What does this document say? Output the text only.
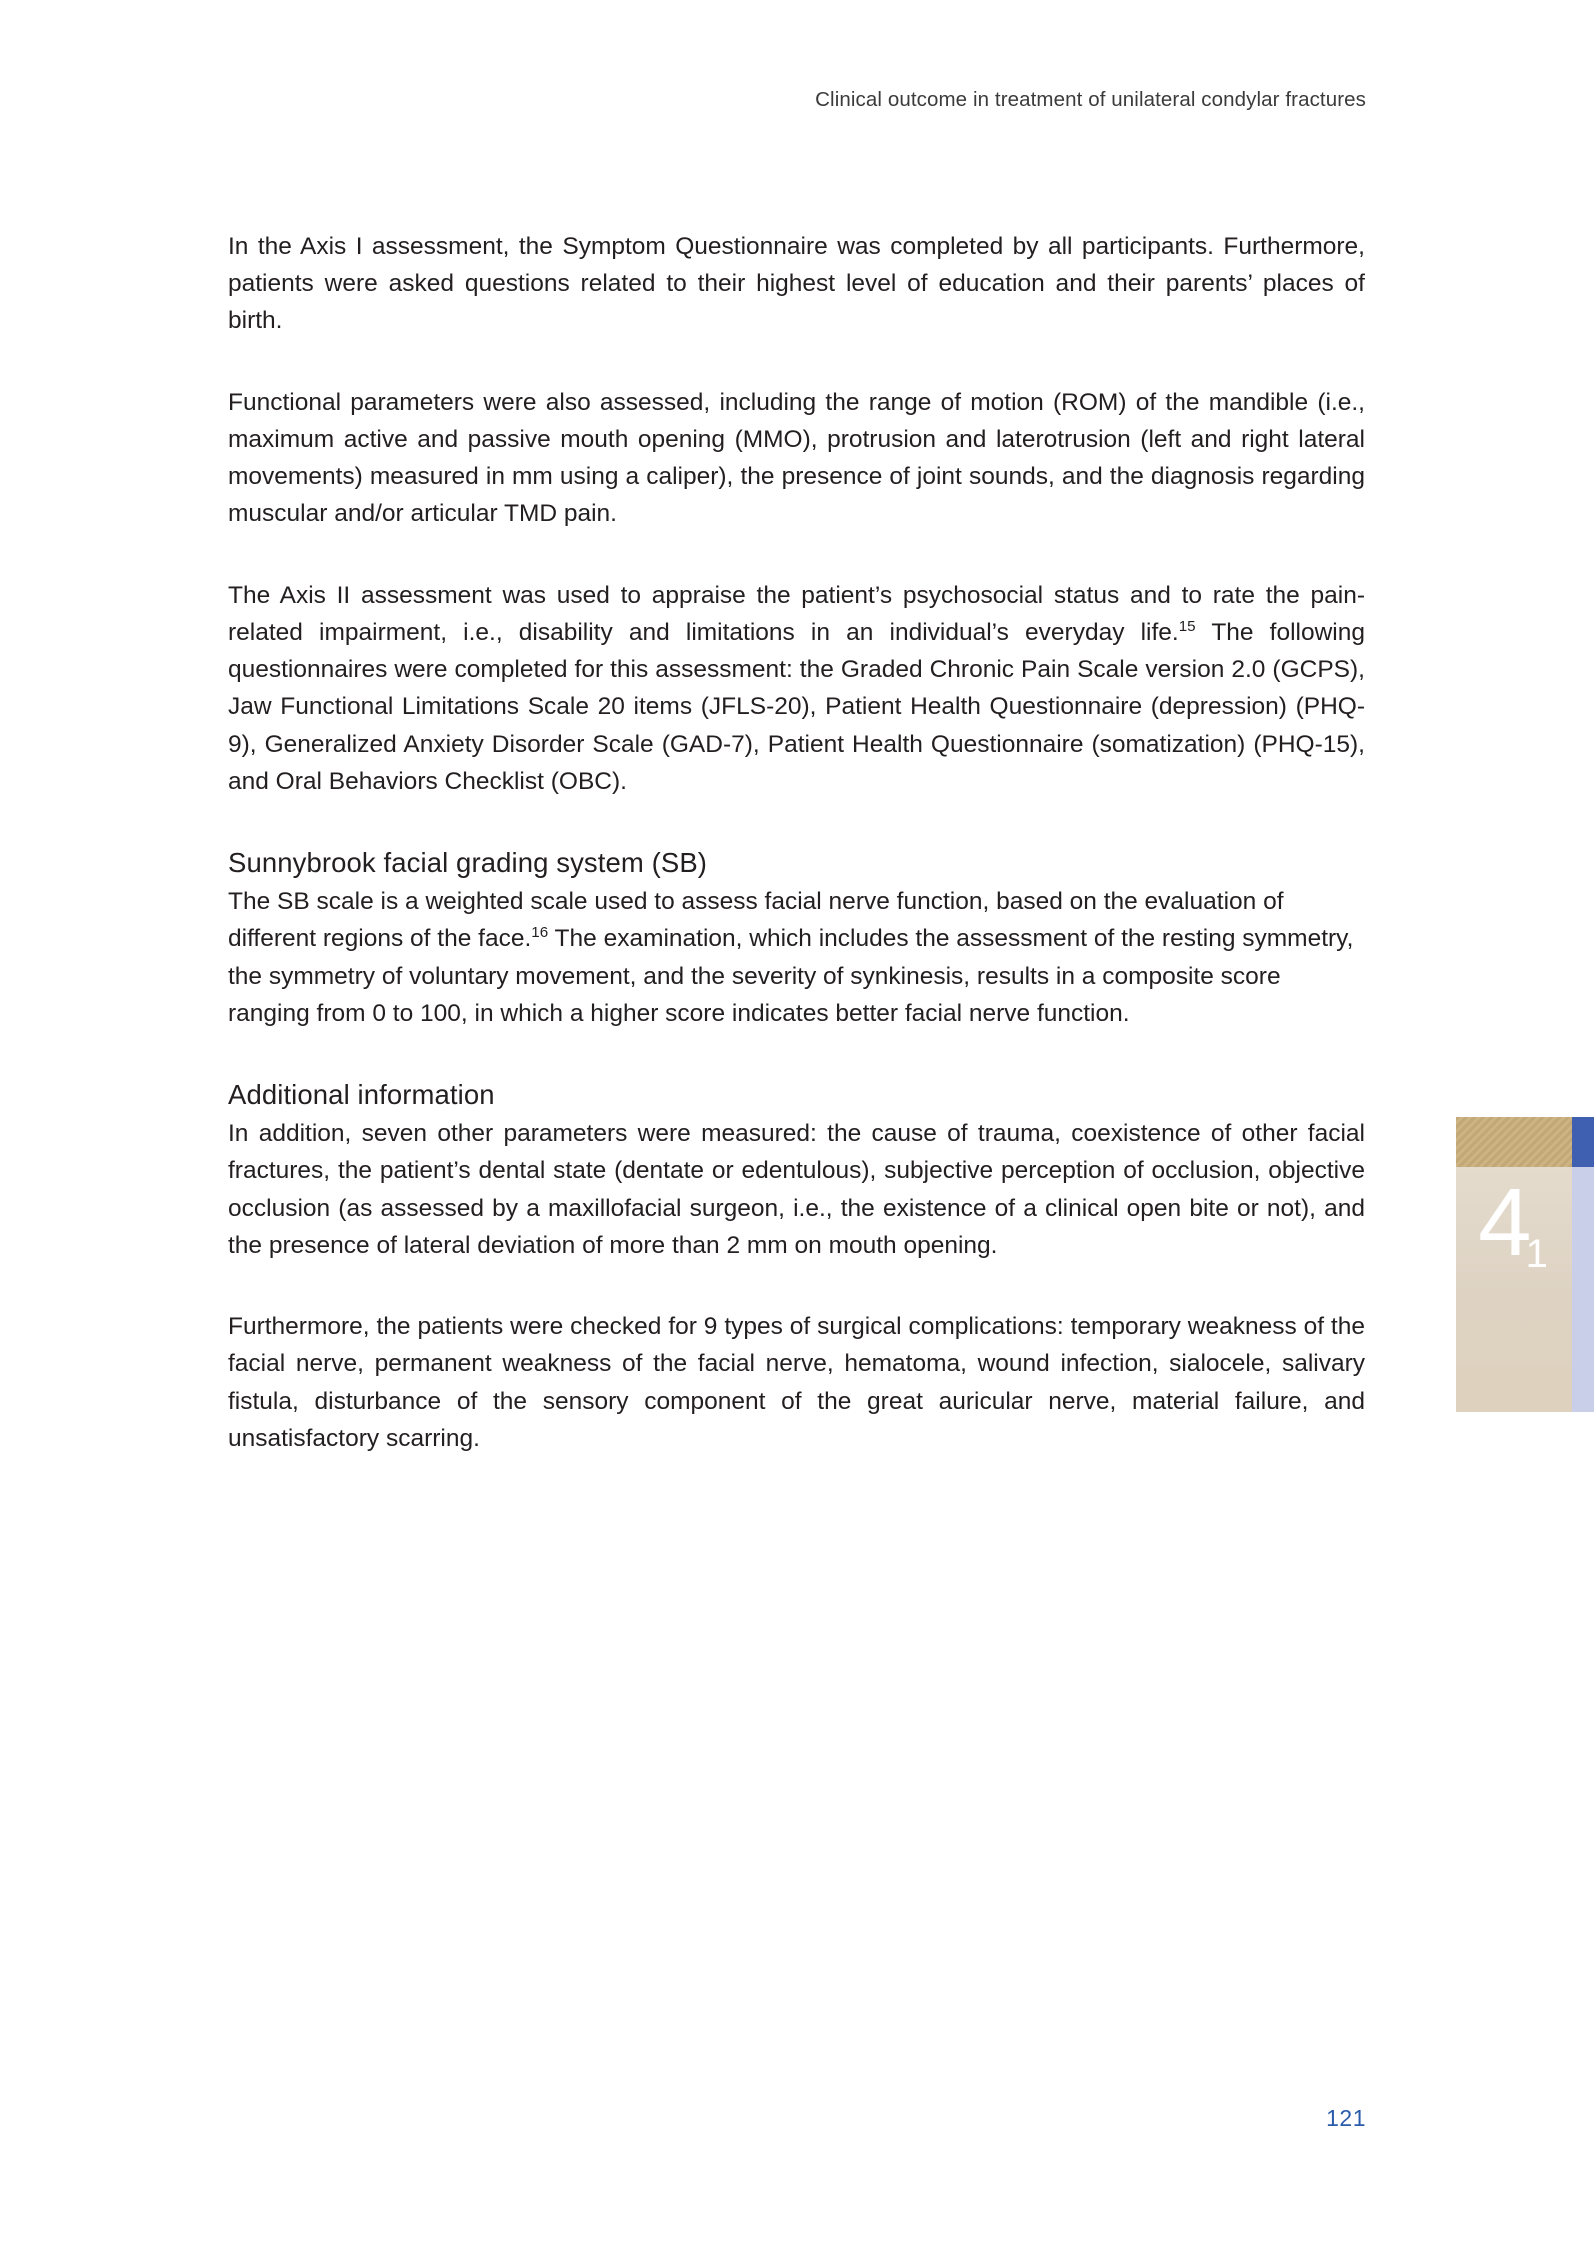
Clinical outcome in treatment of unilateral condylar fractures

In the Axis I assessment, the Symptom Questionnaire was completed by all participants. Furthermore, patients were asked questions related to their highest level of education and their parents’ places of birth.

Functional parameters were also assessed, including the range of motion (ROM) of the mandible (i.e., maximum active and passive mouth opening (MMO), protrusion and laterotrusion (left and right lateral movements) measured in mm using a caliper), the presence of joint sounds, and the diagnosis regarding muscular and/or articular TMD pain.

The Axis II assessment was used to appraise the patient’s psychosocial status and to rate the pain-related impairment, i.e., disability and limitations in an individual’s everyday life.$^{15}$ The following questionnaires were completed for this assessment: the Graded Chronic Pain Scale version 2.0 (GCPS), Jaw Functional Limitations Scale 20 items (JFLS-20), Patient Health Questionnaire (depression) (PHQ-9), Generalized Anxiety Disorder Scale (GAD-7), Patient Health Questionnaire (somatization) (PHQ-15), and Oral Behaviors Checklist (OBC).

Sunnybrook facial grading system (SB)

The SB scale is a weighted scale used to assess facial nerve function, based on the evaluation of different regions of the face.$^{16}$ The examination, which includes the assessment of the resting symmetry, the symmetry of voluntary movement, and the severity of synkinesis, results in a composite score ranging from 0 to 100, in which a higher score indicates better facial nerve function.

Additional information

In addition, seven other parameters were measured: the cause of trauma, coexistence of other facial fractures, the patient’s dental state (dentate or edentulous), subjective perception of occlusion, objective occlusion (as assessed by a maxillofacial surgeon, i.e., the existence of a clinical open bite or not), and the presence of lateral deviation of more than 2 mm on mouth opening.

Furthermore, the patients were checked for 9 types of surgical complications: temporary weakness of the facial nerve, permanent weakness of the facial nerve, hematoma, wound infection, sialocele, salivary fistula, disturbance of the sensory component of the great auricular nerve, material failure, and unsatisfactory scarring.

41
121
